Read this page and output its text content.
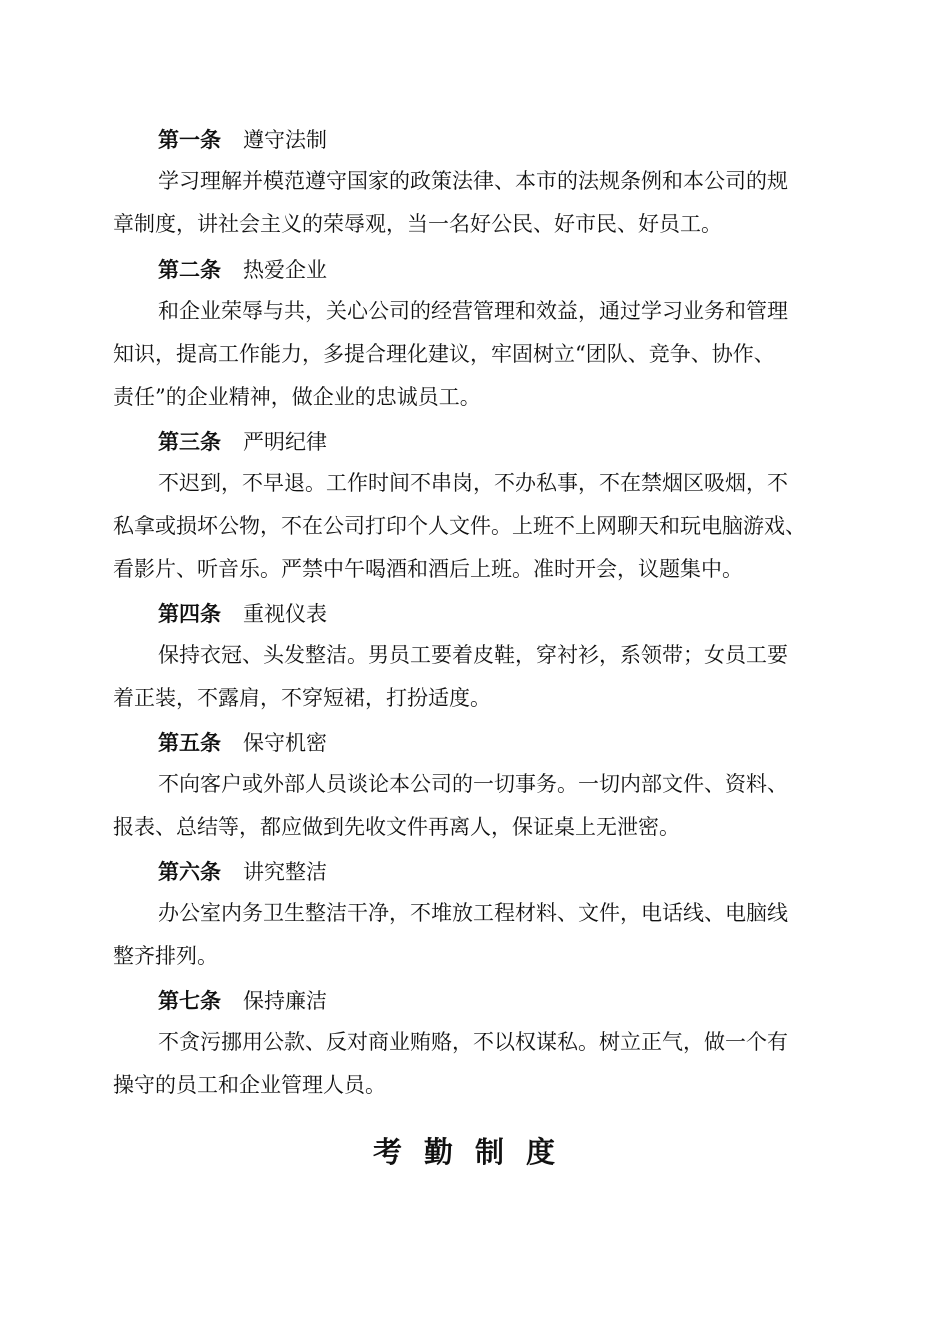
第一条 遵守法制
学习理解并模范遵守国家的政策法律、本市的法规条例和本公司的规
章制度，讲社会主义的荣辱观，当一名好公民、好市民、好员工。
第二条 热爱企业
和企业荣辱与共，关心公司的经营管理和效益，通过学习业务和管理
知识，提高工作能力，多提合理化建议，牢固树立“团队、竞争、协作、
责任”的企业精神，做企业的忠诚员工。
第三条 严明纪律
不迟到，不早退。工作时间不串岗，不办私事，不在禁烟区吸烟，不
私拿或损坏公物，不在公司打印个人文件。上班不上网聊天和玩电脑游戏、
看影片、听音乐。严禁中午喝酒和酒后上班。准时开会，议题集中。
第四条 重视仪表
保持衣冠、头发整洁。男员工要着皮鞋，穿衬衫，系领带；女员工要
着正装，不露肩，不穿短裙，打扮适度。
第五条 保守机密
不向客户或外部人员谈论本公司的一切事务。一切内部文件、资料、
报表、总结等，都应做到先收文件再离人，保证桌上无泄密。
第六条 讲究整洁
办公室内务卫生整洁干净，不堆放工程材料、文件，电话线、电脑线
整齐排列。
第七条 保持廉洁
不贪污挪用公款、反对商业贿赂，不以权谋私。树立正气，做一个有
操守的员工和企业管理人员。
考勤制度
